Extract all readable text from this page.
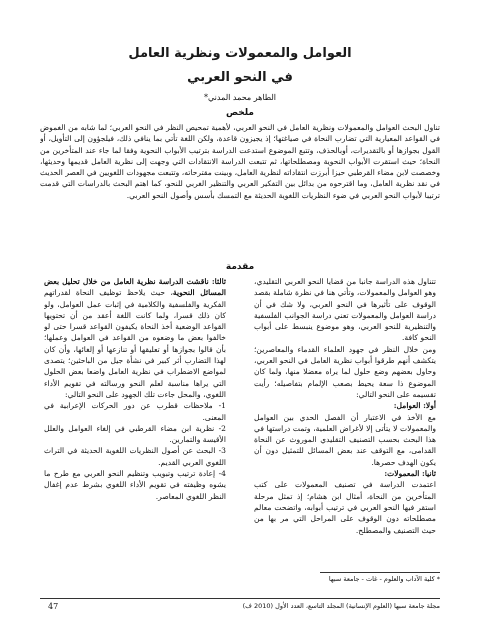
العوامل والمعمولات ونظرية العامل
في النحو العربي
الطاهر محمد المدني*
ملخص

تناول البحث العوامل والمعمولات ونظرية العامل في النحو العربي، لأهمية تمحيص النظر في النحو العربي؛ لما شابه من الغموض في القواعد المعيارية التي تضارب النحاة في صياغتها؛ إذ يجيزون قاعدة، ولكن اللغة تأتي بما ينافي ذلك، فيلجؤون إلى التأويل، أو القول بجوازها أو بالتقديرات، أوبالحذف، وتتبع الموضوع استدعت الدراسة بترتيب الأبواب النحوية وفقا لما جاء عند المتأخرين من النحاة؛ حيث استقرت الأبواب النحوية ومصطلحاتها، ثم تتبعت الدراسة الانتقادات التي وجهت إلى نظرية العامل قديمها وحديثها، وخصصت لابن مضاء القرطبي حيزا أبرزت انتقاداته لنظرية العامل، وبينت مقترحاته، وتتبعت مجهودات اللغويين في العصر الحديث في نقد نظرية العامل، وما اقترحوه من بدائل بين التفكير العربي والتنظير الغربي للنحو، كما اهتم البحث بالدراسات التي قدمت ترتيبا لأبواب النحو العربي في ضوء النظريات اللغوية الحديثة مع التمسك بأسس وأصول النحو العربي.

مقدمة

تتناول هذه الدراسة جانبا من قضايا النحو العربي التقليدي، وهو العوامل والمعمولات، وتأتي هنا في نظرة شاملة بقصد الوقوف على تأثيرها في النحو العربي، ولا شك في أن دراسة العوامل والمعمولات تعني دراسة الجوانب الفلسفية والتنظيرية للنحو العربي، وهو موضوع ينبسط على أبواب النحو كافة.

ومن خلال النظر في جهود العلماء القدماء والمعاصرين؛ يتكشف أنهم طرقوا أبواب نظرية العامل في النحو العربي، وحاول بعضهم وضع حلول لما يراه معضلا منها، ولما كان الموضوع ذا سعة يحيط بصعب الإلمام بتفاصيله؛ رأيت تقسيمه على النحو التالي:

أولا: العوامل:

مع الأخذ في الاعتبار أن الفصل الحدي بين العوامل والمعمولات لا يتأتى إلا لأغراض العلمية، وتمت دراستها في هذا البحث بحسب التصنيف التقليدي الموروث عن النحاة القدامى، مع التوقف عند بعض المسائل للتمثيل دون أن يكون الهدف حصرها.

ثانيا: المعمولات:

اعتمدت الدراسة في تصنيف المعمولات على كتب المتأخرين من النحاة، أمثال ابن هشام؛ إذ تمثل مرحلة استقر فيها النحو العربي في ترتيب أبوابه، واتضحت معالم مصطلحاته دون الوقوف على المراحل التي مر بها من حيث التصنيف والمصطلح.

ثالثا: ناقشت الدراسة نظرية العامل من خلال تحليل بعض المسائل النحوية، حيث يلاحظ توظيف النحاة لقدراتهم الفكرية والفلسفية والكلامية في إثبات عمل العوامل، ولو كان ذلك قسرا، ولما كانت اللغة أعقد من أن تحتويها القواعد الوضعية أخذ النحاة يكيفون القواعد قسرا حتى لو خالفوا بعض ما وضعوه من القواعد في العوامل وعملها؛ بأن قالوا بجوازها أو تعليقها أو تنازعها أو إلغائها، وأن كان لهذا التضارب أثر كبير في نشأة جيل من الباحثين؛ يتصدى لمواضع الاضطراب في نظرية العامل واضعا بعض الحلول التي يراها مناسبة لعلم النحو ورسالته في تقويم الأداء اللغوي، والمحل جاءت تلك الجهود على النحو التالي:

1- ملاحظات قطرب عن دور الحركات الإعرابية في المعنى.
2- نظرية ابن مضاء القرطبي في إلغاء العوامل والعلل الأقيسة والتمارين.
3- البحث عن أصول النظريات اللغوية الحديثة في التراث اللغوي العربي القديم.
4- إعادة ترتيب وتبويب وتنظيم النحو العربي مع طرح ما يشوه وظيفته في تقويم الأداء اللغوي بشرط عدم إغفال النظر اللغوي المعاصر.
* كلية الآداب والعلوم - غات - جامعة سبها
مجلة جامعة سبها (العلوم الإنسانية) المجلد التاسع، العدد الأول (2010 ف)
47
